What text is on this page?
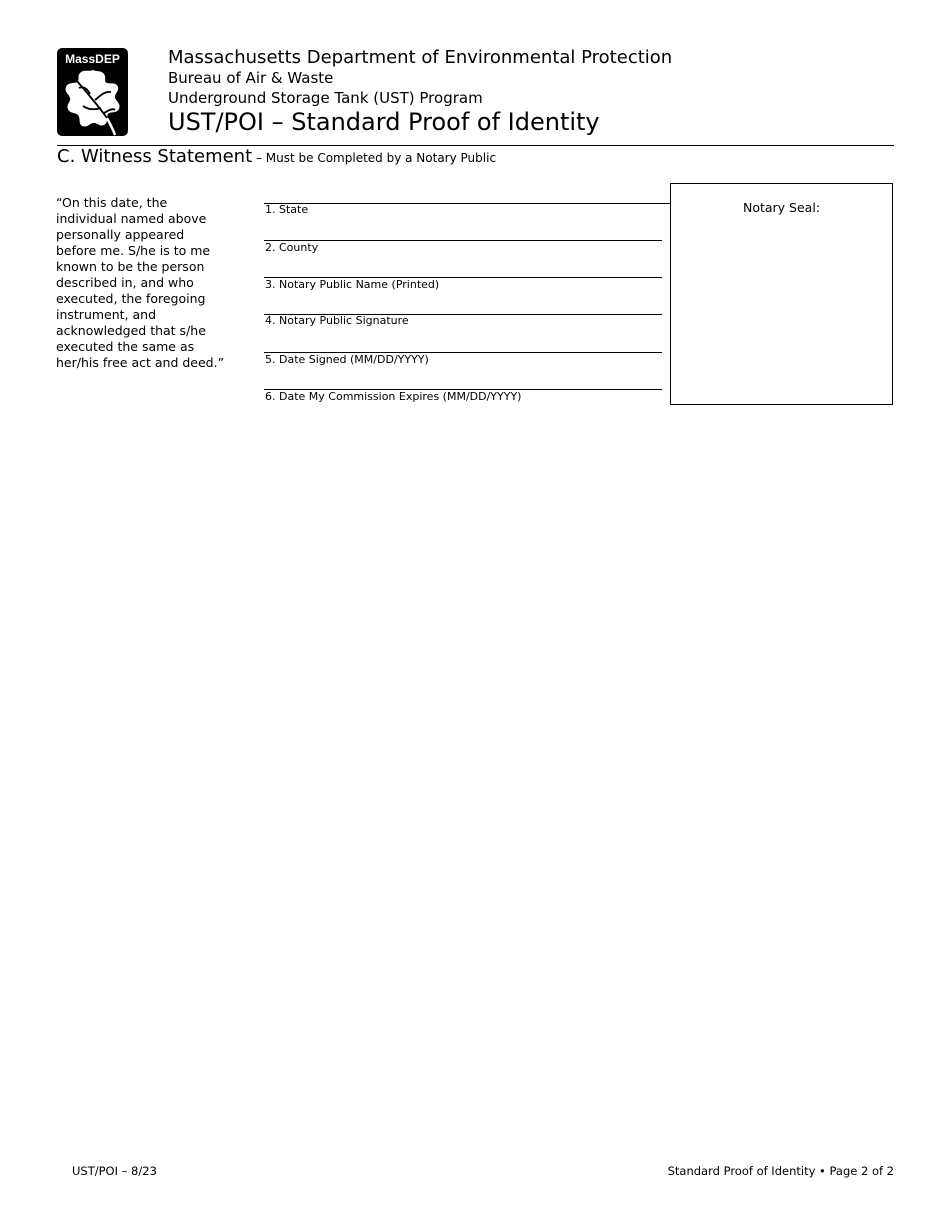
MassDEP	Massachusetts Department of Environmental Protection
Bureau of Air & Waste
Underground Storage Tank (UST) Program
UST/POI – Standard Proof of Identity
C. Witness Statement – Must be Completed by a Notary Public
“On this date, the individual named above personally appeared before me. S/he is to me known to be the person described in, and who executed, the foregoing instrument, and acknowledged that s/he executed the same as her/his free act and deed.”
1. State
2. County
3. Notary Public Name (Printed)
4. Notary Public Signature
5. Date Signed (MM/DD/YYYY)
6. Date My Commission Expires (MM/DD/YYYY)
Notary Seal:
UST/POI – 8/23	Standard Proof of Identity • Page 2 of 2
